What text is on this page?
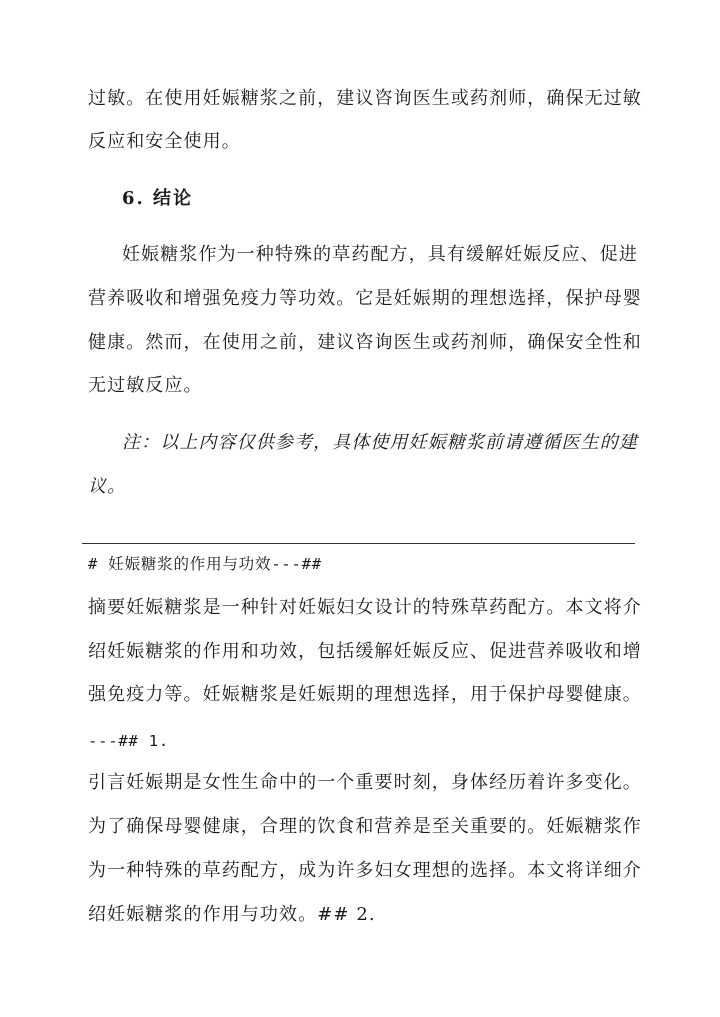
过敏。在使用妊娠糖浆之前，建议咨询医生或药剂师，确保无过敏
反应和安全使用。
6. 结论
妊娠糖浆作为一种特殊的草药配方，具有缓解妊娠反应、促进
营养吸收和增强免疫力等功效。它是妊娠期的理想选择，保护母婴
健康。然而，在使用之前，建议咨询医生或药剂师，确保安全性和
无过敏反应。
注：以上内容仅供参考，具体使用妊娠糖浆前请遵循医生的建
议。
# 妊娠糖浆的作用与功效---##
摘要妊娠糖浆是一种针对妊娠妇女设计的特殊草药配方。本文将介
绍妊娠糖浆的作用和功效，包括缓解妊娠反应、促进营养吸收和增
强免疫力等。妊娠糖浆是妊娠期的理想选择，用于保护母婴健康。
---## 1.
引言妊娠期是女性生命中的一个重要时刻，身体经历着许多变化。
为了确保母婴健康，合理的饮食和营养是至关重要的。妊娠糖浆作
为一种特殊的草药配方，成为许多妇女理想的选择。本文将详细介
绍妊娠糖浆的作用与功效。## 2.
